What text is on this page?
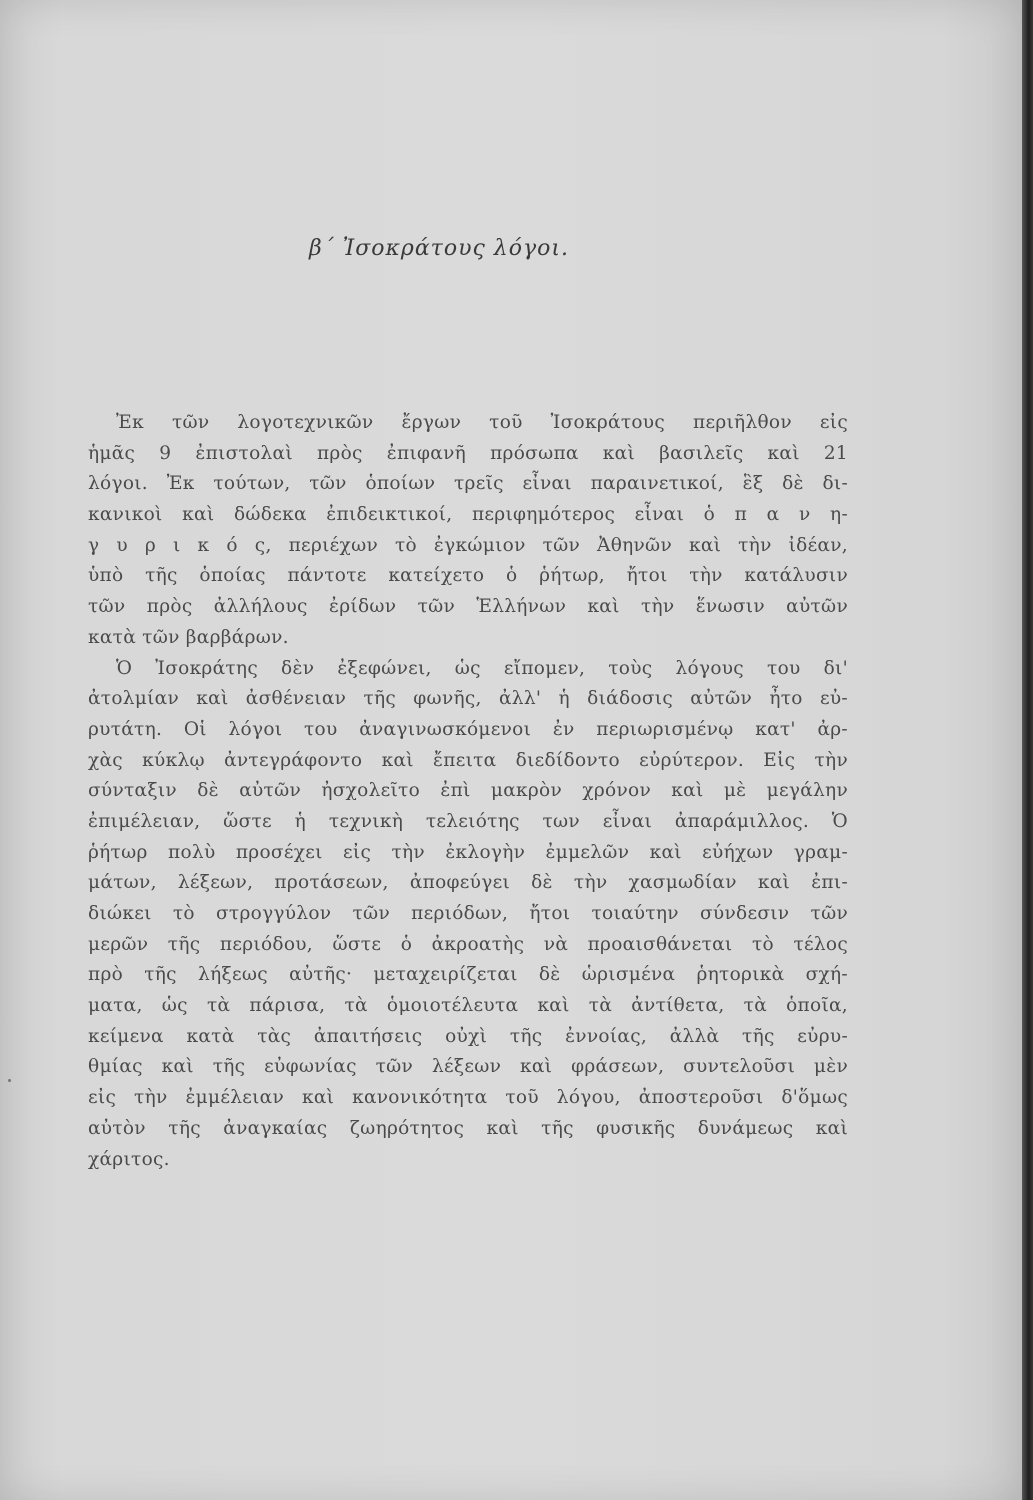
β΄ Ἰσοκράτους λόγοι.
Ἐκ τῶν λογοτεχνικῶν ἔργων τοῦ Ἰσοκράτους περιῆλθον εἰς
ἡμᾶς 9 ἐπιστολαὶ πρὸς ἐπιφανῆ πρόσωπα καὶ βασιλεῖς καὶ 21
λόγοι. Ἐκ τούτων, τῶν ὁποίων τρεῖς εἶναι παραινετικοί, ἓξ δὲ δι-
κανικοὶ καὶ δώδεκα ἐπιδεικτικοί, περιφημότερος εἶναι ὁ π α ν η-
γ υ ρ ι κ ό ς, περιέχων τὸ ἐγκώμιον τῶν Ἀθηνῶν καὶ τὴν ἰδέαν,
ὑπὸ τῆς ὁποίας πάντοτε κατείχετο ὁ ῥήτωρ, ἤτοι τὴν κατάλυσιν
τῶν πρὸς ἀλλήλους ἐρίδων τῶν Ἑλλήνων καὶ τὴν ἕνωσιν αὐτῶν
κατὰ τῶν βαρβάρων.
Ὁ Ἰσοκράτης δὲν ἐξεφώνει, ὡς εἴπομεν, τοὺς λόγους του δι'
ἀτολμίαν καὶ ἀσθένειαν τῆς φωνῆς, ἀλλ' ἡ διάδοσις αὐτῶν ἦτο εὐ-
ρυτάτη. Οἱ λόγοι του ἀναγινωσκόμενοι ἐν περιωρισμένῳ κατ' ἀρ-
χὰς κύκλῳ ἀντεγράφοντο καὶ ἔπειτα διεδίδοντο εὐρύτερον. Εἰς τὴν
σύνταξιν δὲ αὐτῶν ἠσχολεῖτο ἐπὶ μακρὸν χρόνον καὶ μὲ μεγάλην
ἐπιμέλειαν, ὥστε ἡ τεχνικὴ τελειότης των εἶναι ἀπαράμιλλος. Ὁ
ῥήτωρ πολὺ προσέχει εἰς τὴν ἐκλογὴν ἐμμελῶν καὶ εὐήχων γραμ-
μάτων, λέξεων, προτάσεων, ἀποφεύγει δὲ τὴν χασμωδίαν καὶ ἐπι-
διώκει τὸ στρογγύλον τῶν περιόδων, ἤτοι τοιαύτην σύνδεσιν τῶν
μερῶν τῆς περιόδου, ὥστε ὁ ἀκροατὴς νὰ προαισθάνεται τὸ τέλος
πρὸ τῆς λήξεως αὐτῆς· μεταχειρίζεται δὲ ὡρισμένα ῥητορικὰ σχή-
ματα, ὡς τὰ πάρισα, τὰ ὁμοιοτέλευτα καὶ τὰ ἀντίθετα, τὰ ὁποῖα,
κείμενα κατὰ τὰς ἀπαιτήσεις οὐχὶ τῆς ἐννοίας, ἀλλὰ τῆς εὐρυ-
θμίας καὶ τῆς εὐφωνίας τῶν λέξεων καὶ φράσεων, συντελοῦσι μὲν
εἰς τὴν ἐμμέλειαν καὶ κανονικότητα τοῦ λόγου, ἀποστεροῦσι δ'ὅμως
αὐτὸν τῆς ἀναγκαίας ζωηρότητος καὶ τῆς φυσικῆς δυνάμεως καὶ
χάριτος.
